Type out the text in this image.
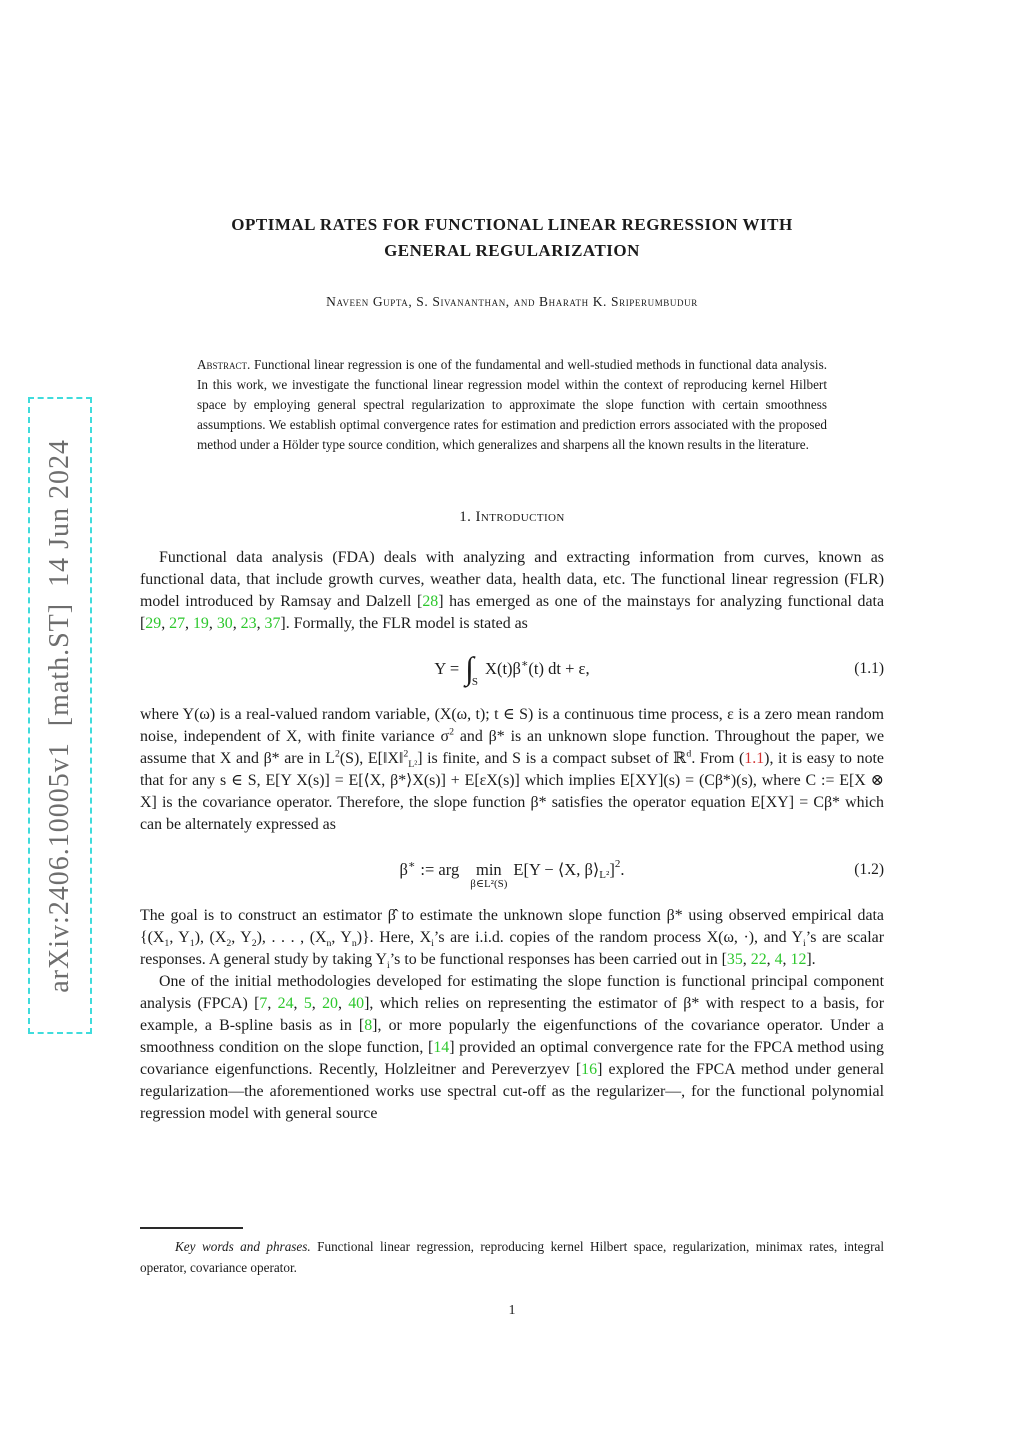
arXiv:2406.10005v1  [math.ST]  14 Jun 2024
OPTIMAL RATES FOR FUNCTIONAL LINEAR REGRESSION WITH
GENERAL REGULARIZATION
Naveen Gupta, S. Sivananthan, and Bharath K. Sriperumbudur
Abstract. Functional linear regression is one of the fundamental and well-studied methods in functional data analysis. In this work, we investigate the functional linear regression model within the context of reproducing kernel Hilbert space by employing general spectral regularization to approximate the slope function with certain smoothness assumptions. We establish optimal convergence rates for estimation and prediction errors associated with the proposed method under a Hölder type source condition, which generalizes and sharpens all the known results in the literature.
1. Introduction

Functional data analysis (FDA) deals with analyzing and extracting information from curves, known as functional data, that include growth curves, weather data, health data, etc. The functional linear regression (FLR) model introduced by Ramsay and Dalzell [28] has emerged as one of the mainstays for analyzing functional data [29, 27, 19, 30, 23, 37]. Formally, the FLR model is stated as

Y = ∫
S
X(t)β∗ (t) dt + ε,	(1.1)

where Y(ω) is a real-valued random variable, (X(ω, t); t ∈ S) is a continuous time process, ε is a zero mean random noise, independent of X, with finite variance $\sigma^2$ and β* is an unknown slope function. Throughout the paper, we assume that X and β* are in $L^2(S)$, E[‖X‖$^2_{L^2}$] is finite, and S is a compact subset of ℝ$^d$. From (1.1), it is easy to note that for any s ∈ S, E[Y X(s)] = E[⟨X, β*⟩X(s)] + E[εX(s)] which implies E[XY](s) = (Cβ*)(s), where C := E[X ⊗ X] is the covariance operator. Therefore, the slope function β* satisfies the operator equation E[XY] = Cβ* which can be alternately expressed as

β∗ := arg min
β∈L²(S)
E[Y − ⟨X, $\beta⟩_{L^2}$ ]$^2$ .	(1.2)

The goal is to construct an estimator β̂ to estimate the unknown slope function β* using observed empirical data {($X_1$, $Y_1$), ($X_2$, $Y_2$), . . . , ($X_n$, $Y_n$)}. Here, $X_i’s$ are i.i.d. copies of the random process X(ω, ·), and $Y_i’s$ are scalar responses. A general study by taking $Y_i’s$ to be functional responses has been carried out in [35, 22, 4, 12].

One of the initial methodologies developed for estimating the slope function is functional principal component analysis (FPCA) [7, 24, 5, 20, 40], which relies on representing the estimator of β* with respect to a basis, for example, a B-spline basis as in [8], or more popularly the eigenfunctions of the covariance operator. Under a smoothness condition on the slope function, [14] provided an optimal convergence rate for the FPCA method using covariance eigenfunctions. Recently, Holzleitner and Pereverzyev [16] explored the FPCA method under general regularization—the aforementioned works use spectral cut-off as the regularizer—, for the functional polynomial regression model with general source

Key words and phrases. Functional linear regression, reproducing kernel Hilbert space, regularization, minimax rates, integral operator, covariance operator.
1
